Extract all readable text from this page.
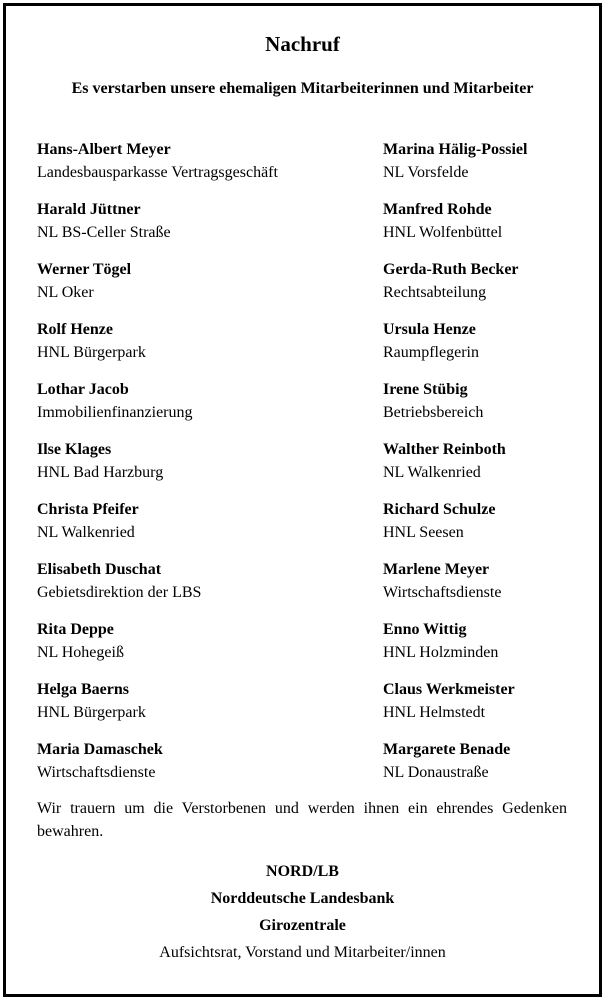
Nachruf
Es verstarben unsere ehemaligen Mitarbeiterinnen und Mitarbeiter
Hans-Albert Meyer
Landesbausparkasse Vertragsgeschäft
Harald Jüttner
NL BS-Celler Straße
Werner Tögel
NL Oker
Rolf Henze
HNL Bürgerpark
Lothar Jacob
Immobilienfinanzierung
Ilse Klages
HNL Bad Harzburg
Christa Pfeifer
NL Walkenried
Elisabeth Duschat
Gebietsdirektion der LBS
Rita Deppe
NL Hohegeiß
Helga Baerns
HNL Bürgerpark
Maria Damaschek
Wirtschaftsdienste
Marina Hälig-Possiel
NL Vorsfelde
Manfred Rohde
HNL Wolfenbüttel
Gerda-Ruth Becker
Rechtsabteilung
Ursula Henze
Raumpflegerin
Irene Stübig
Betriebsbereich
Walther Reinboth
NL Walkenried
Richard Schulze
HNL Seesen
Marlene Meyer
Wirtschaftsdienste
Enno Wittig
HNL Holzminden
Claus Werkmeister
HNL Helmstedt
Margarete Benade
NL Donaustraße
Wir trauern um die Verstorbenen und werden ihnen ein ehrendes Gedenken bewahren.
NORD/LB
Norddeutsche Landesbank
Girozentrale
Aufsichtsrat, Vorstand und Mitarbeiter/innen
